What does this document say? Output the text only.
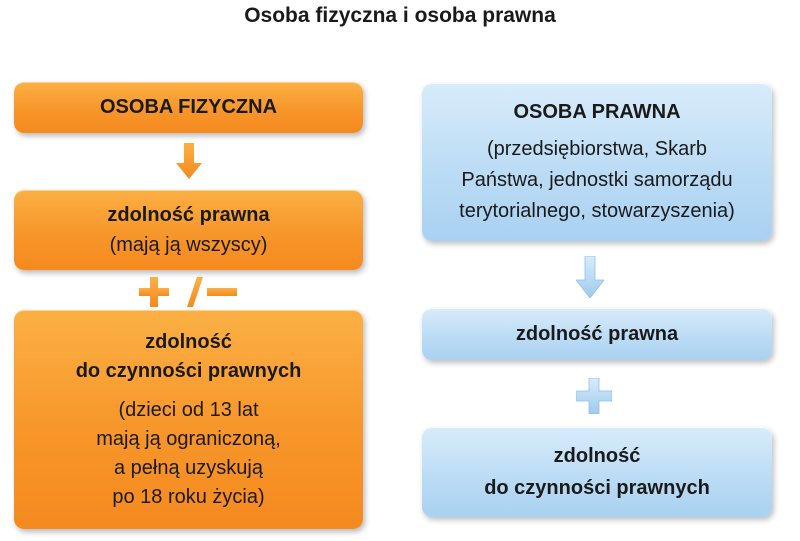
Osoba fizyczna i osoba prawna
OSOBA FIZYCZNA
zdolność prawna
(mają ją wszyscy)
zdolność
do czynności prawnych
(dzieci od 13 lat
mają ją ograniczoną,
a pełną uzyskują
po 18 roku życia)
OSOBA PRAWNA
(przedsiębiorstwa, Skarb
Państwa, jednostki samorządu
terytorialnego, stowarzyszenia)
zdolność prawna
zdolność
do czynności prawnych
